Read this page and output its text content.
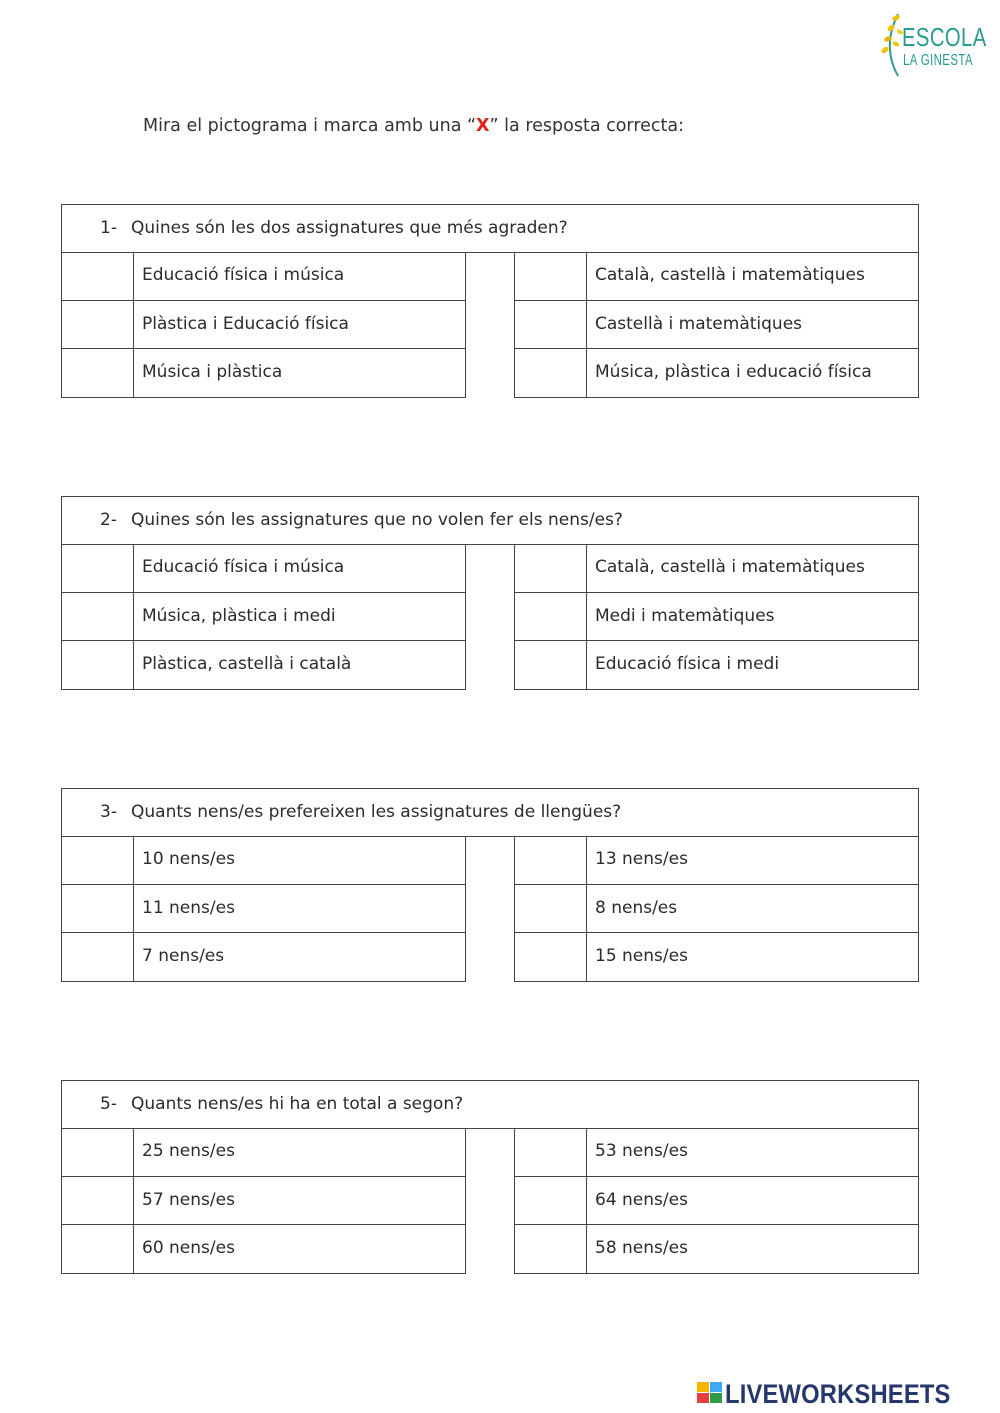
ESCOLA
LA GINESTA
Mira el pictograma i marca amb una “X” la resposta correcta:
1- Quines són les dos assignatures que més agraden?
Educació física i música
Plàstica i Educació física
Música i plàstica
Català, castellà i matemàtiques
Castellà i matemàtiques
Música, plàstica i educació física
2- Quines són les assignatures que no volen fer els nens/es?
Educació física i música
Música, plàstica i medi
Plàstica, castellà i català
Català, castellà i matemàtiques
Medi i matemàtiques
Educació física i medi
3- Quants nens/es prefereixen les assignatures de llengües?
10 nens/es
11 nens/es
7 nens/es
13 nens/es
8 nens/es
15 nens/es
5- Quants nens/es hi ha en total a segon?
25 nens/es
57 nens/es
60 nens/es
53 nens/es
64 nens/es
58 nens/es
LIVEWORKSHEETS
